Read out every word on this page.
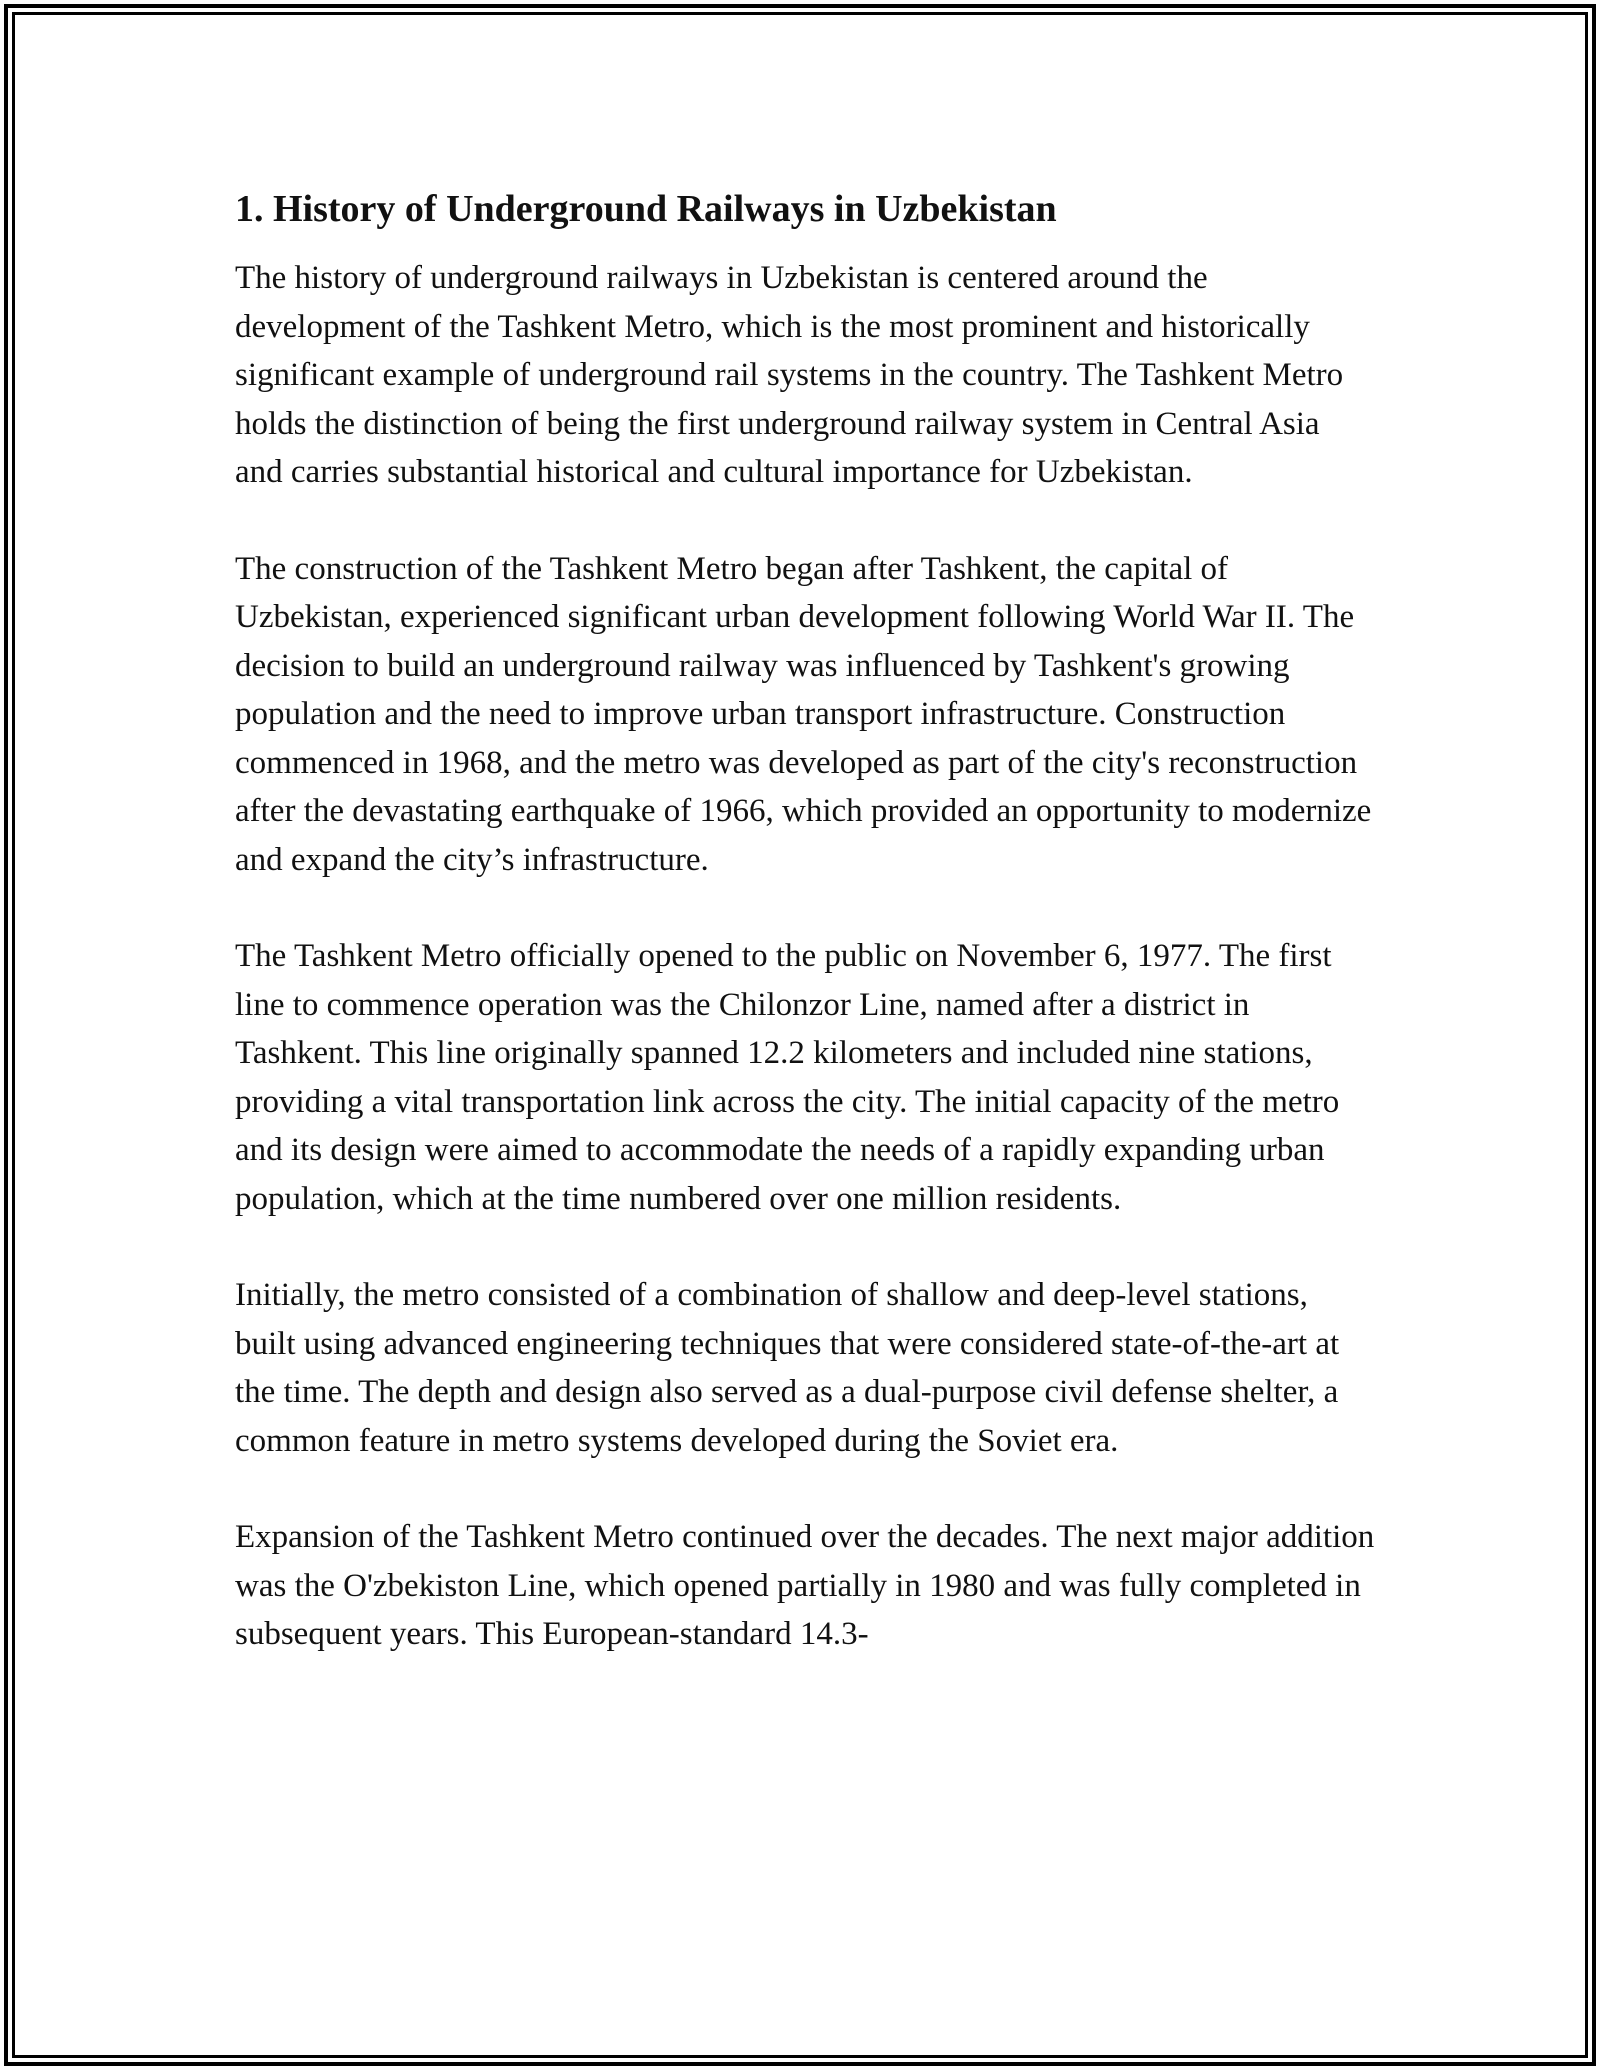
1. History of Underground Railways in Uzbekistan

The history of underground railways in Uzbekistan is centered around the development of the Tashkent Metro, which is the most prominent and historically significant example of underground rail systems in the country. The Tashkent Metro holds the distinction of being the first underground railway system in Central Asia and carries substantial historical and cultural importance for Uzbekistan.

The construction of the Tashkent Metro began after Tashkent, the capital of Uzbekistan, experienced significant urban development following World War II. The decision to build an underground railway was influenced by Tashkent's growing population and the need to improve urban transport infrastructure. Construction commenced in 1968, and the metro was developed as part of the city's reconstruction after the devastating earthquake of 1966, which provided an opportunity to modernize and expand the city’s infrastructure.

The Tashkent Metro officially opened to the public on November 6, 1977. The first line to commence operation was the Chilonzor Line, named after a district in Tashkent. This line originally spanned 12.2 kilometers and included nine stations, providing a vital transportation link across the city. The initial capacity of the metro and its design were aimed to accommodate the needs of a rapidly expanding urban population, which at the time numbered over one million residents.

Initially, the metro consisted of a combination of shallow and deep-level stations, built using advanced engineering techniques that were considered state-of-the-art at the time. The depth and design also served as a dual-purpose civil defense shelter, a common feature in metro systems developed during the Soviet era.

Expansion of the Tashkent Metro continued over the decades. The next major addition was the O'zbekiston Line, which opened partially in 1980 and was fully completed in subsequent years. This European-standard 14.3-
